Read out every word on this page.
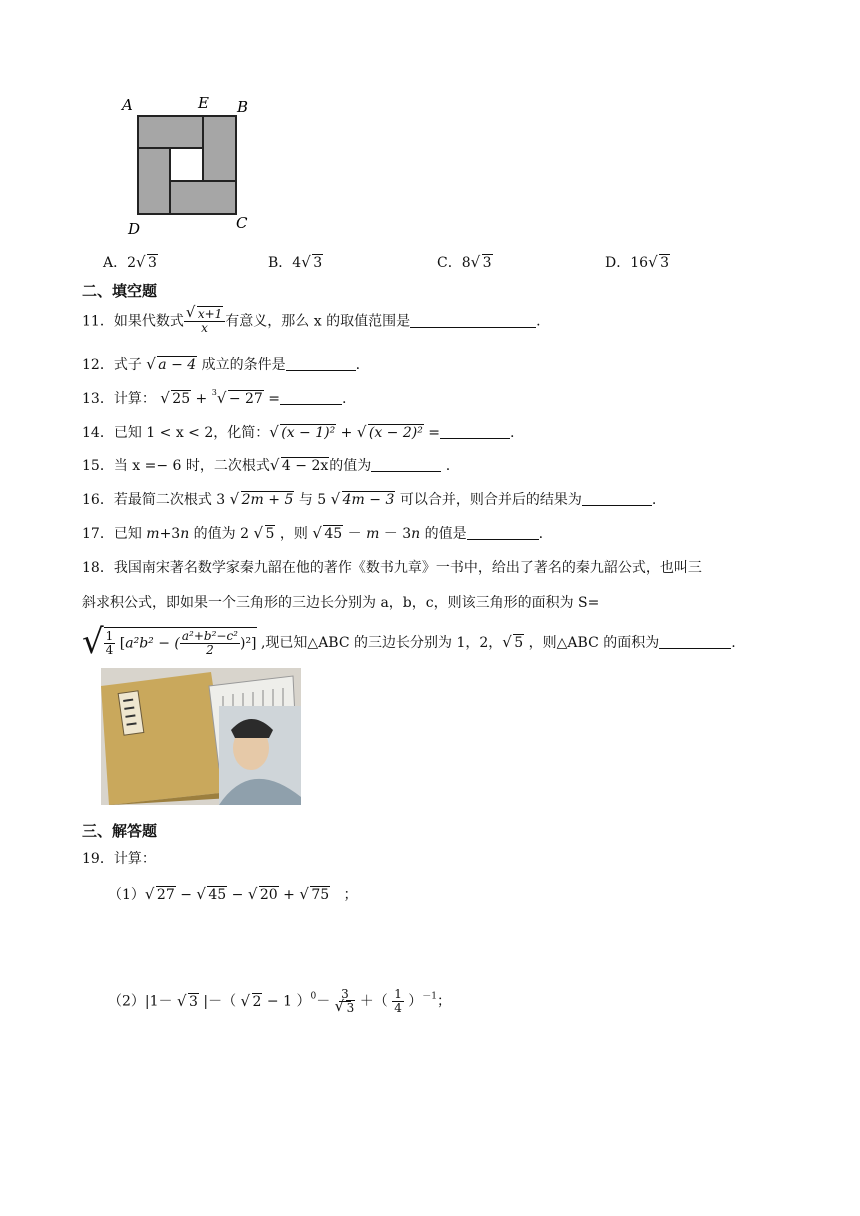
A	E B
D	C
A．2 √ 3	B．4 √ 3	C．8 √ 3	D．16 √ 3
二、填空题
11．如果代数式 √ $\frac{x+1}{x}$ 有意义，那么 x 的取值范围是	.
12．式子 √ a − 4 成立的条件是	.
13．计算： √ 25 + $^3$ √ − 27 =	.
14．已知 1 < x < 2，化简： √ (x − 1)² + √ (x − 2)² =	.
15．当 x =− 6 时，二次根式 √ 4 − 2x的值为	.
16．若最简二次根式 3 √ 2m + 5 与 5 √ 4m − 3 可以合并，则合并后的结果为	.
17．已知 m+3n 的值为 2 √ 5 ，则 √ 45 － m － 3n 的值是	.
18．我国南宋著名数学家秦九韶在他的著作《数书九章》一书中，给出了著名的秦九韶公式，也叫三
斜求积公式，即如果一个三角形的三边长分别为 a，b，c，则该三角形的面积为 S=
√ $\frac{1}{4} [a^2b^2$ − ( $\frac{\text{a²+b²−c²}}{2} )^2$] ,现已知△ABC 的三边长分别为 1，2， √ 5 ，则△ABC 的面积为	.
三、解答题
19．计算：
（1） √ 27 − √ 45 − √ 20 + √ 75 ；
（2）|1－ √ 3 |－（ √ 2 − 1 ）$^0$－ 3
√ 3 ＋（ $\frac{1}{4} )^{-1}$；
